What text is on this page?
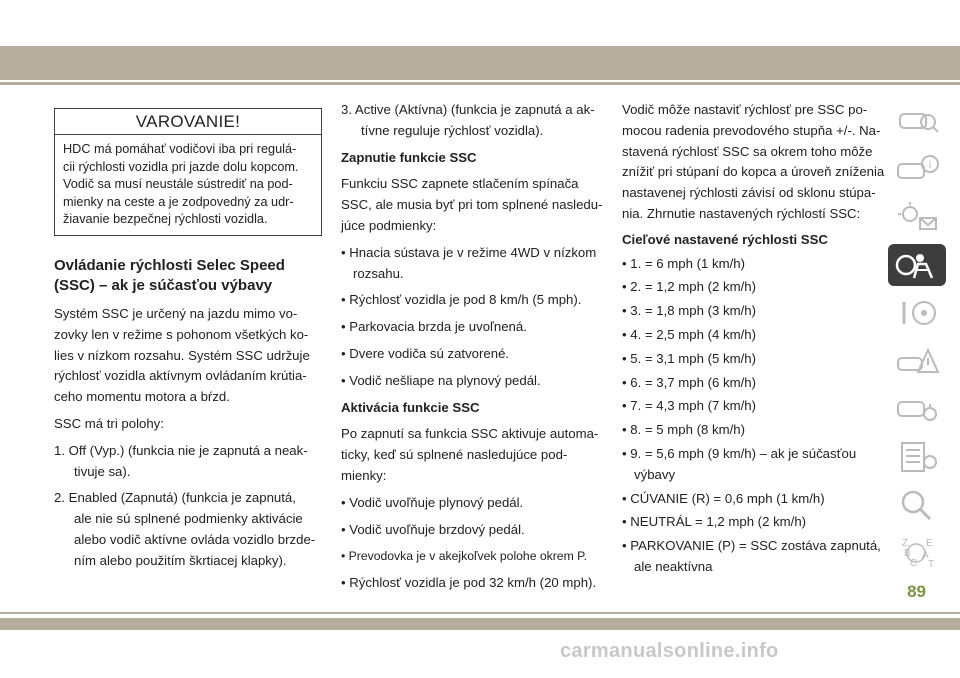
VAROVANIE!
HDC má pomáhať vodičovi iba pri regulá-
cii rýchlosti vozidla pri jazde dolu kopcom.
Vodič sa musí neustále sústrediť na pod-
mienky na ceste a je zodpovedný za udr-
žiavanie bezpečnej rýchlosti vozidla.
Ovládanie rýchlosti Selec Speed
(SSC) – ak je súčasťou výbavy
Systém SSC je určený na jazdu mimo vo-
zovky len v režime s pohonom všetkých ko-
lies v nízkom rozsahu. Systém SSC udržuje
rýchlosť vozidla aktívnym ovládaním krútia-
ceho momentu motora a bŕzd.
SSC má tri polohy:
1. Off (Vyp.) (funkcia nie je zapnutá a neak-
tivuje sa).
2. Enabled (Zapnutá) (funkcia je zapnutá,
ale nie sú splnené podmienky aktivácie
alebo vodič aktívne ovláda vozidlo brzde-
ním alebo použitím škrtiacej klapky).
3. Active (Aktívna) (funkcia je zapnutá a ak-
tívne reguluje rýchlosť vozidla).
Zapnutie funkcie SSC
Funkciu SSC zapnete stlačením spínača
SSC, ale musia byť pri tom splnené nasledu-
júce podmienky:
• Hnacia sústava je v režime 4WD v nízkom
rozsahu.
• Rýchlosť vozidla je pod 8 km/h (5 mph).
• Parkovacia brzda je uvoľnená.
• Dvere vodiča sú zatvorené.
• Vodič nešliape na plynový pedál.
Aktivácia funkcie SSC
Po zapnutí sa funkcia SSC aktivuje automa-
ticky, keď sú splnené nasledujúce pod-
mienky:
• Vodič uvoľňuje plynový pedál.
• Vodič uvoľňuje brzdový pedál.
• Prevodovka je v akejkoľvek polohe okrem P.
• Rýchlosť vozidla je pod 32 km/h (20 mph).
Vodič môže nastaviť rýchlosť pre SSC po-
mocou radenia prevodového stupňa +/-. Na-
stavená rýchlosť SSC sa okrem toho môže
znížiť pri stúpaní do kopca a úroveň zníženia
nastavenej rýchlosti závisí od sklonu stúpa-
nia. Zhrnutie nastavených rýchlostí SSC:
Cieľové nastavené rýchlosti SSC
• 1. = 6 mph (1 km/h)
• 2. = 1,2 mph (2 km/h)
• 3. = 1,8 mph (3 km/h)
• 4. = 2,5 mph (4 km/h)
• 5. = 3,1 mph (5 km/h)
• 6. = 3,7 mph (6 km/h)
• 7. = 4,3 mph (7 km/h)
• 8. = 5 mph (8 km/h)
• 9. = 5,6 mph (9 km/h) – ak je súčasťou
výbavy
• CÚVANIE (R) = 0,6 mph (1 km/h)
• NEUTRÁL = 1,2 mph (2 km/h)
• PARKOVANIE (P) = SSC zostáva zapnutá,
ale neaktívna
i
Z E
B A
C T
89
carmanualsonline.info
